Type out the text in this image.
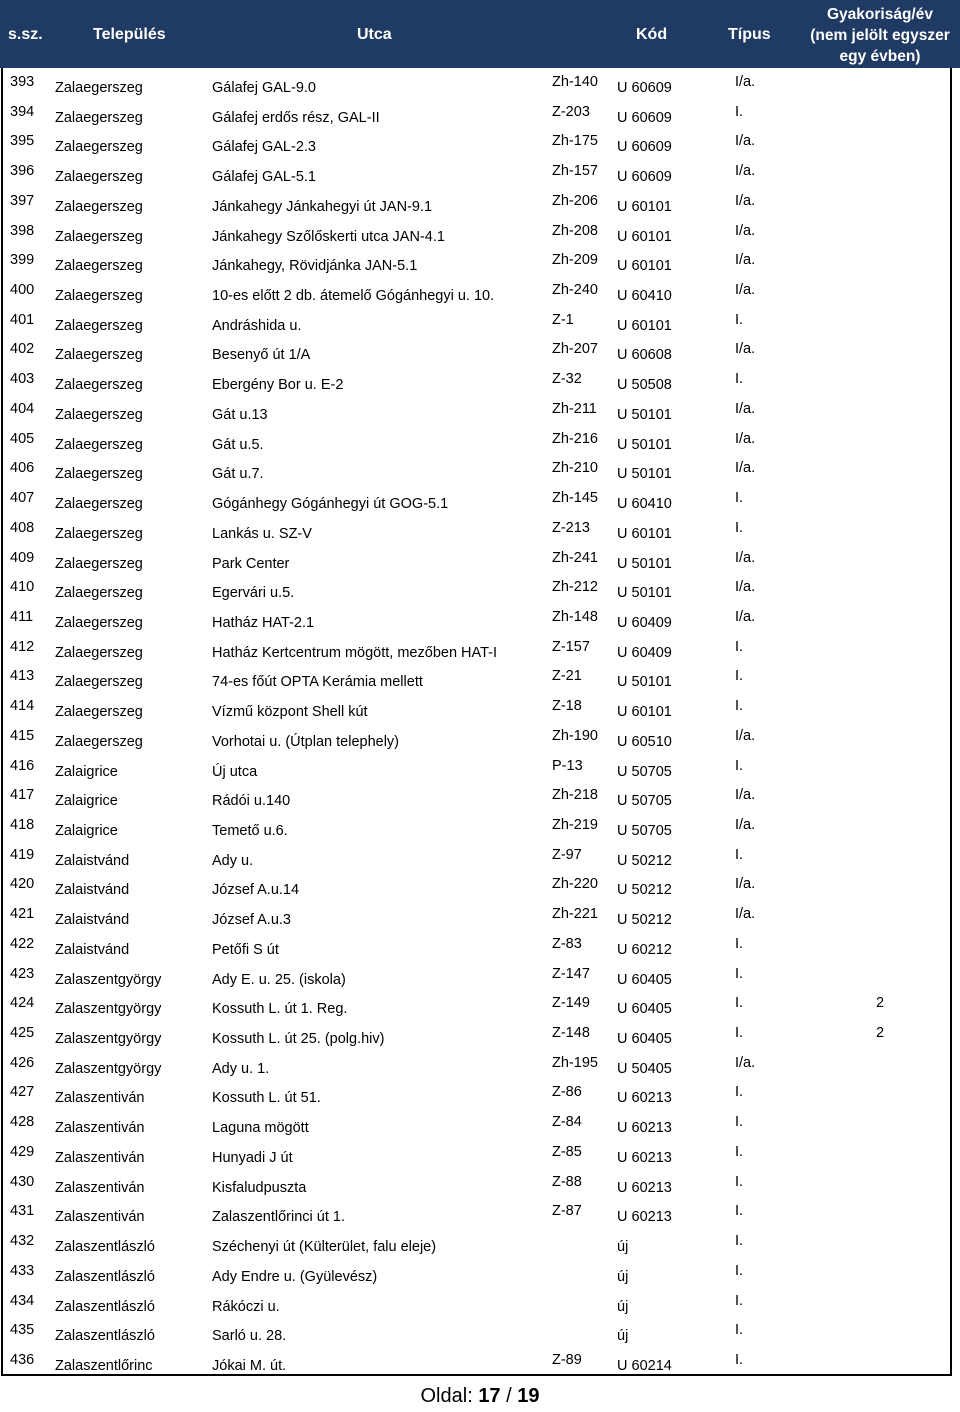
s.sz.	Település	Utca	Kód	Típus
Gyakoriság/év
(nem jelölt egyszer
egy évben)
393 Zalaegerszeg	Gálafej GAL-9.0	Zh-140 U 60609	I/a.
394 Zalaegerszeg	Gálafej erdős rész, GAL-II	Z-203 U 60609	I.
395 Zalaegerszeg	Gálafej GAL-2.3	Zh-175 U 60609	I/a.
396 Zalaegerszeg	Gálafej GAL-5.1	Zh-157 U 60609	I/a.
397 Zalaegerszeg	Jánkahegy Jánkahegyi út JAN-9.1	Zh-206 U 60101	I/a.
398 Zalaegerszeg	Jánkahegy Szőlőskerti utca JAN-4.1	Zh-208 U 60101	I/a.
399 Zalaegerszeg	Jánkahegy, Rövidjánka JAN-5.1	Zh-209 U 60101	I/a.
400 Zalaegerszeg	10-es előtt 2 db. átemelő Gógánhegyi u. 10.	Zh-240 U 60410	I/a.
401 Zalaegerszeg	Andráshida u.	Z-1	U 60101	I.
402 Zalaegerszeg	Besenyő út 1/A	Zh-207 U 60608	I/a.
403 Zalaegerszeg	Ebergény Bor u. E-2	Z-32 U 50508	I.
404 Zalaegerszeg	Gát u.13	Zh-211 U 50101	I/a.
405 Zalaegerszeg	Gát u.5.	Zh-216 U 50101	I/a.
406 Zalaegerszeg	Gát u.7.	Zh-210 U 50101	I/a.
407 Zalaegerszeg	Gógánhegy Gógánhegyi út GOG-5.1	Zh-145 U 60410	I.
408 Zalaegerszeg	Lankás u. SZ-V	Z-213 U 60101	I.
409 Zalaegerszeg	Park Center	Zh-241 U 50101	I/a.
410 Zalaegerszeg	Egervári u.5.	Zh-212 U 50101	I/a.
411 Zalaegerszeg	Hatház HAT-2.1	Zh-148 U 60409	I/a.
412 Zalaegerszeg	Hatház Kertcentrum mögött, mezőben HAT-I	Z-157 U 60409	I.
413 Zalaegerszeg	74-es főút OPTA Kerámia mellett	Z-21 U 50101	I.
414 Zalaegerszeg	Vízmű központ Shell kút	Z-18 U 60101	I.
415 Zalaegerszeg	Vorhotai u. (Útplan telephely)	Zh-190 U 60510	I/a.
416 Zalaigrice	Új utca	P-13 U 50705	I.
417 Zalaigrice	Rádói u.140	Zh-218 U 50705	I/a.
418 Zalaigrice	Temető u.6.	Zh-219 U 50705	I/a.
419 Zalaistvánd	Ady u.	Z-97 U 50212	I.
420 Zalaistvánd	József A.u.14	Zh-220 U 50212	I/a.
421 Zalaistvánd	József A.u.3	Zh-221 U 50212	I/a.
422 Zalaistvánd	Petőfi S út	Z-83 U 60212	I.
423 Zalaszentgyörgy	Ady E. u. 25. (iskola)	Z-147 U 60405	I.
424 Zalaszentgyörgy	Kossuth L. út 1. Reg.	Z-149 U 60405	I.	2
425 Zalaszentgyörgy	Kossuth L. út 25. (polg.hiv)	Z-148 U 60405	I.	2
426 Zalaszentgyörgy	Ady u. 1.	Zh-195 U 50405	I/a.
427 Zalaszentiván	Kossuth L. út 51.	Z-86 U 60213	I.
428 Zalaszentiván	Laguna mögött	Z-84 U 60213	I.
429 Zalaszentiván	Hunyadi J út	Z-85 U 60213	I.
430 Zalaszentiván	Kisfaludpuszta	Z-88 U 60213	I.
431 Zalaszentiván	Zalaszentlőrinci út 1.	Z-87 U 60213	I.
432 Zalaszentlászló	Széchenyi út (Külterület, falu eleje)	új	I.
433 Zalaszentlászló	Ady Endre u. (Gyülevész)	új	I.
434 Zalaszentlászló	Rákóczi u.	új	I.
435 Zalaszentlászló	Sarló u. 28.	új	I.
436 Zalaszentlőrinc	Jókai M. út.	Z-89 U 60214	I.
Oldal: 17 / 19
